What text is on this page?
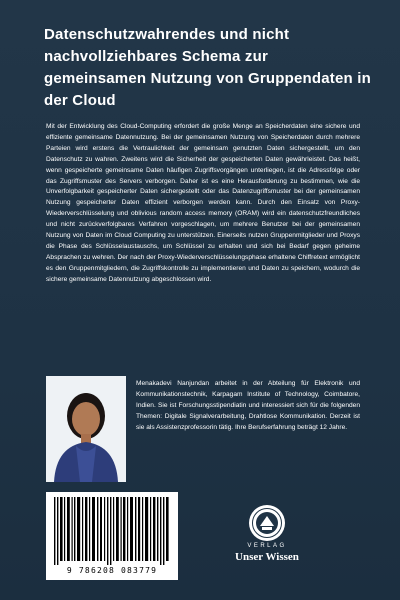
Datenschutzwahrendes und nicht nachvollziehbares Schema zur gemeinsamen Nutzung von Gruppendaten in der Cloud

Mit der Entwicklung des Cloud-Computing erfordert die große Menge an Speicherdaten eine sichere und effiziente gemeinsame Datennutzung. Bei der gemeinsamen Nutzung von Speicherdaten durch mehrere Parteien wird erstens die Vertraulichkeit der gemeinsam genutzten Daten sichergestellt, um den Datenschutz zu wahren. Zweitens wird die Sicherheit der gespeicherten Daten gewährleistet. Das heißt, wenn gespeicherte gemeinsame Daten häufigen Zugriffsvorgängen unterliegen, ist die Adressfolge oder das Zugriffsmuster des Servers verborgen. Daher ist es eine Herausforderung zu bestimmen, wie die Unverfolgbarkeit gespeicherter Daten sichergestellt oder das Datenzugriffsmuster bei der gemeinsamen Nutzung gespeicherter Daten effizient verborgen werden kann. Durch den Einsatz von Proxy-Wiederverschlüsselung und oblivious random access memory (ORAM) wird ein datenschutzfreundliches und nicht zurückverfolgbares Verfahren vorgeschlagen, um mehrere Benutzer bei der gemeinsamen Nutzung von Daten im Cloud Computing zu unterstützen. Einerseits nutzen Gruppenmitglieder und Proxys die Phase des Schlüsselaustauschs, um Schlüssel zu erhalten und sich bei Bedarf gegen geheime Absprachen zu wehren. Der nach der Proxy-Wiederverschlüsselungsphase erhaltene Chiffretext ermöglicht es den Gruppenmitgliedern, die Zugriffskontrolle zu implementieren und Daten zu speichern, wodurch die sichere gemeinsame Datennutzung abgeschlossen wird.

Menakadevi Nanjundan arbeitet in der Abteilung für Elektronik und Kommunikationstechnik, Karpagam Institute of Technology, Coimbatore, Indien. Sie ist Forschungsstipendiatin und interessiert sich für die folgenden Themen: Digitale Signalverarbeitung, Drahtlose Kommunikation. Derzeit ist sie als Assistenzprofessorin tätig. Ihre Berufserfahrung beträgt 12 Jahre.

9 786208 083779
VERLAG
Unser Wissen
